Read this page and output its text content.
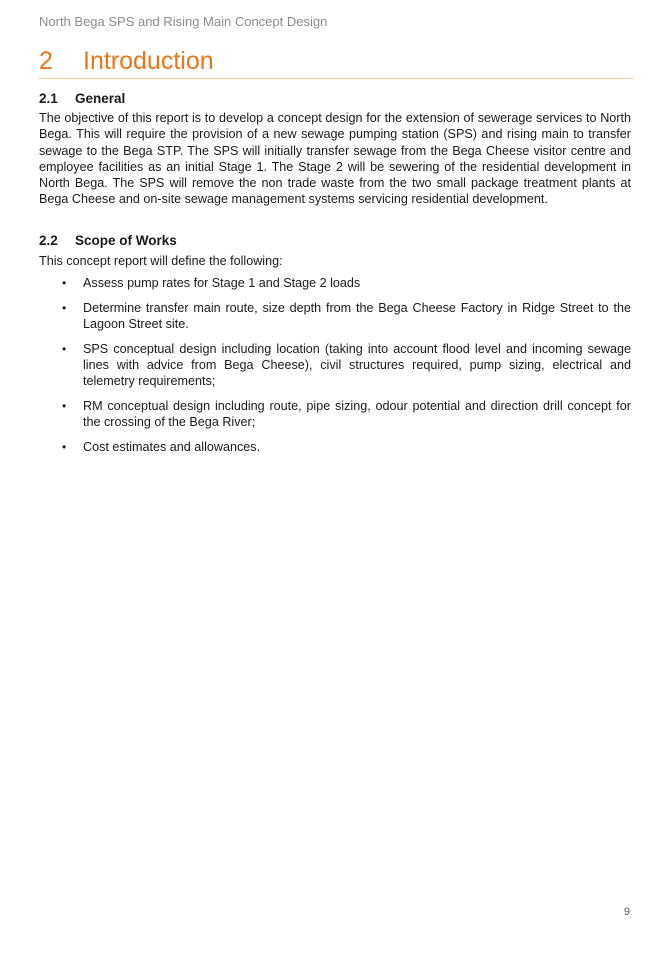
North Bega SPS and Rising Main Concept Design
2 Introduction
2.1 General

The objective of this report is to develop a concept design for the extension of sewerage services to North Bega. This will require the provision of a new sewage pumping station (SPS) and rising main to transfer sewage to the Bega STP. The SPS will initially transfer sewage from the Bega Cheese visitor centre and employee facilities as an initial Stage 1. The Stage 2 will be sewering of the residential development in North Bega. The SPS will remove the non trade waste from the two small package treatment plants at Bega Cheese and on-site sewage management systems servicing residential development.

2.2 Scope of Works

This concept report will define the following:

• Assess pump rates for Stage 1 and Stage 2 loads
• Determine transfer main route, size depth from the Bega Cheese Factory in Ridge Street to the Lagoon Street site.
• SPS conceptual design including location (taking into account flood level and incoming sewage lines with advice from Bega Cheese), civil structures required, pump sizing, electrical and telemetry requirements;
• RM conceptual design including route, pipe sizing, odour potential and direction drill concept for the crossing of the Bega River;
• Cost estimates and allowances.
9
